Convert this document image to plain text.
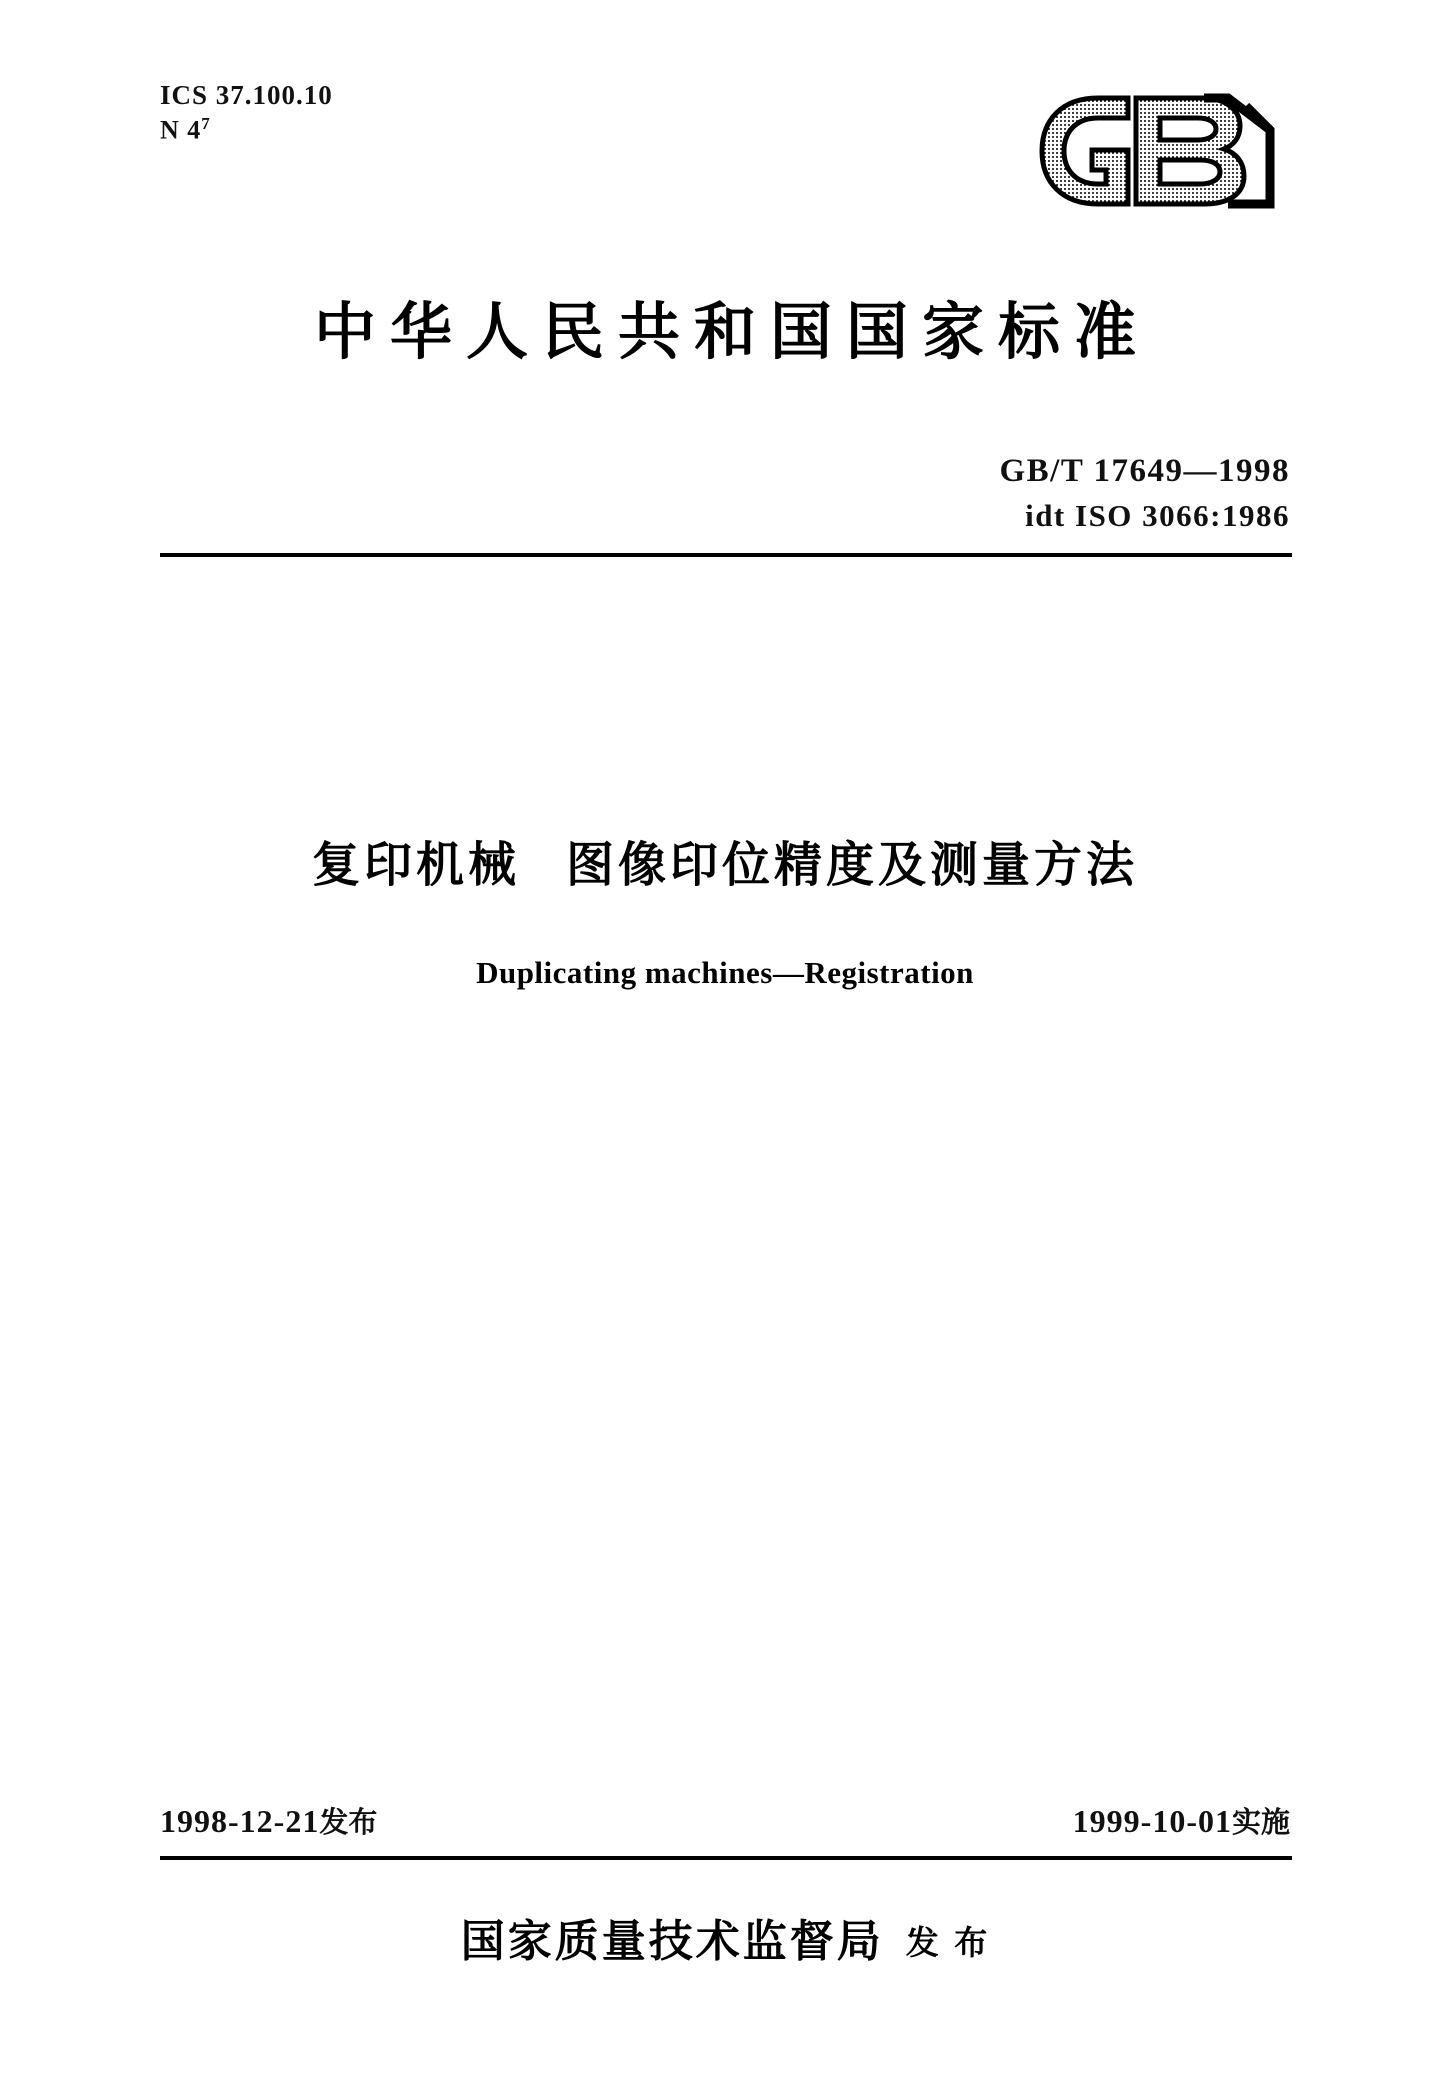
ICS 37.100.10
N $4^7$
中华人民共和国国家标准
GB/T 17649—1998
idt ISO 3066:1986
复印机械 图像印位精度及测量方法
Duplicating machines—Registration
1998-12-21发布	1999-10-01实施
国家质量技术监督局 发 布
